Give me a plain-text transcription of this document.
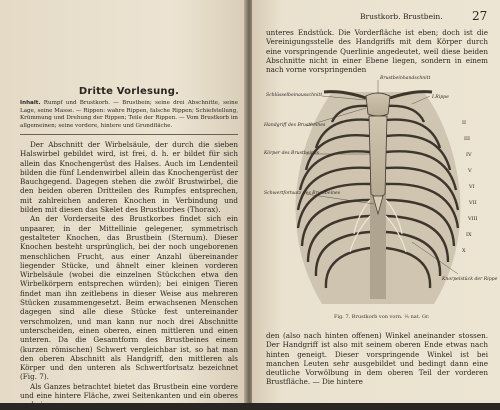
Dritte Vorlesung.
Inhalt. Rumpf und Brustkorb. — Brustbein; seine drei Abschnitte, seine Lage, seine Masse. — Rippen: wahre Rippen, falsche Rippen; Schiefstellung, Krümmung und Drehung der Rippen; Teile der Rippen. — Vom Brustkorb im allgemeinen; seine vordere, hintere und Grundfläche.

Der Abschnitt der Wirbelsäule, der durch die sieben Halswirbel gebildet wird, ist frei, d. h. er bildet für sich allein das Knochengerüst des Halses. Auch im Lendenteil bilden die fünf Lendenwirbel allein das Knochengerüst der Bauchgegend. Dagegen stehen die zwölf Brustwirbel, die den beiden oberen Dritteilen des Rumpfes entsprechen, mit zahlreichen anderen Knochen in Verbindung und bilden mit diesen das Skelet des Brustkorbes (Thorax).

An der Vorderseite des Brustkorbes findet sich ein unpaarer, in der Mittellinie gelegener, symmetrisch gestalteter Knochen, das Brustbein (Sternum). Dieser Knochen besteht ursprünglich, bei der noch ungeborenen menschlichen Frucht, aus einer Anzahl übereinander liegender Stücke, und ähnelt einer kleinen vorderen Wirbelsäule (wobei die einzelnen Stückchen etwa den Wirbelkörpern entsprechen würden); bei einigen Tieren findet man ihn zeitlebens in dieser Weise aus mehreren Stücken zusammengesetzt. Beim erwachsenen Menschen dagegen sind alle diese Stücke fest untereinander verschmolzen, und man kann nur noch drei Abschnitte unterscheiden, einen oberen, einen mittleren und einen unteren. Da die Gesamtform des Brustbeines einem (kurzen römischen) Schwert vergleichbar ist, so hat man den oberen Abschnitt als Handgriff, den mittleren als Körper und den unteren als Schwertfortsatz bezeichnet (Fig. 7).

Als Ganzes betrachtet bietet das Brustbein eine vordere und eine hintere Fläche, zwei Seitenkanten und ein oberes und ein

Brustkorb. Brustbein. 27
unteres Endstück. Die Vorderfläche ist eben; doch ist die Vereinigungsstelle des Handgriffs mit dem Körper durch eine vorspringende Querlinie angedeutet, weil diese beiden Abschnitte nicht in einer Ebene liegen, sondern in einem nach vorne vorspringenden
Brustbeinhandschnitt
I.Rippe
Schlüsselbeinausschnitt
Handgriff des Brustbeines
Körper des Brustbeines
Schwertfortsatz des Brustbeines
Knorpelstück der Rippe
II
III
IV
V
VI
VII
VIII
IX
X
Fig. 7. Brustkorb von vorn. ¹⁄₅ nat. Gr.
den (also nach hinten offenen) Winkel aneinander stossen. Der Handgriff ist also mit seinem oberen Ende etwas nach hinten geneigt. Dieser vorspringende Winkel ist bei manchen Leuten sehr ausgebildet und bedingt dann eine deutliche Vorwölbung in dem oberen Teil der vorderen Brustfläche. — Die hintere
